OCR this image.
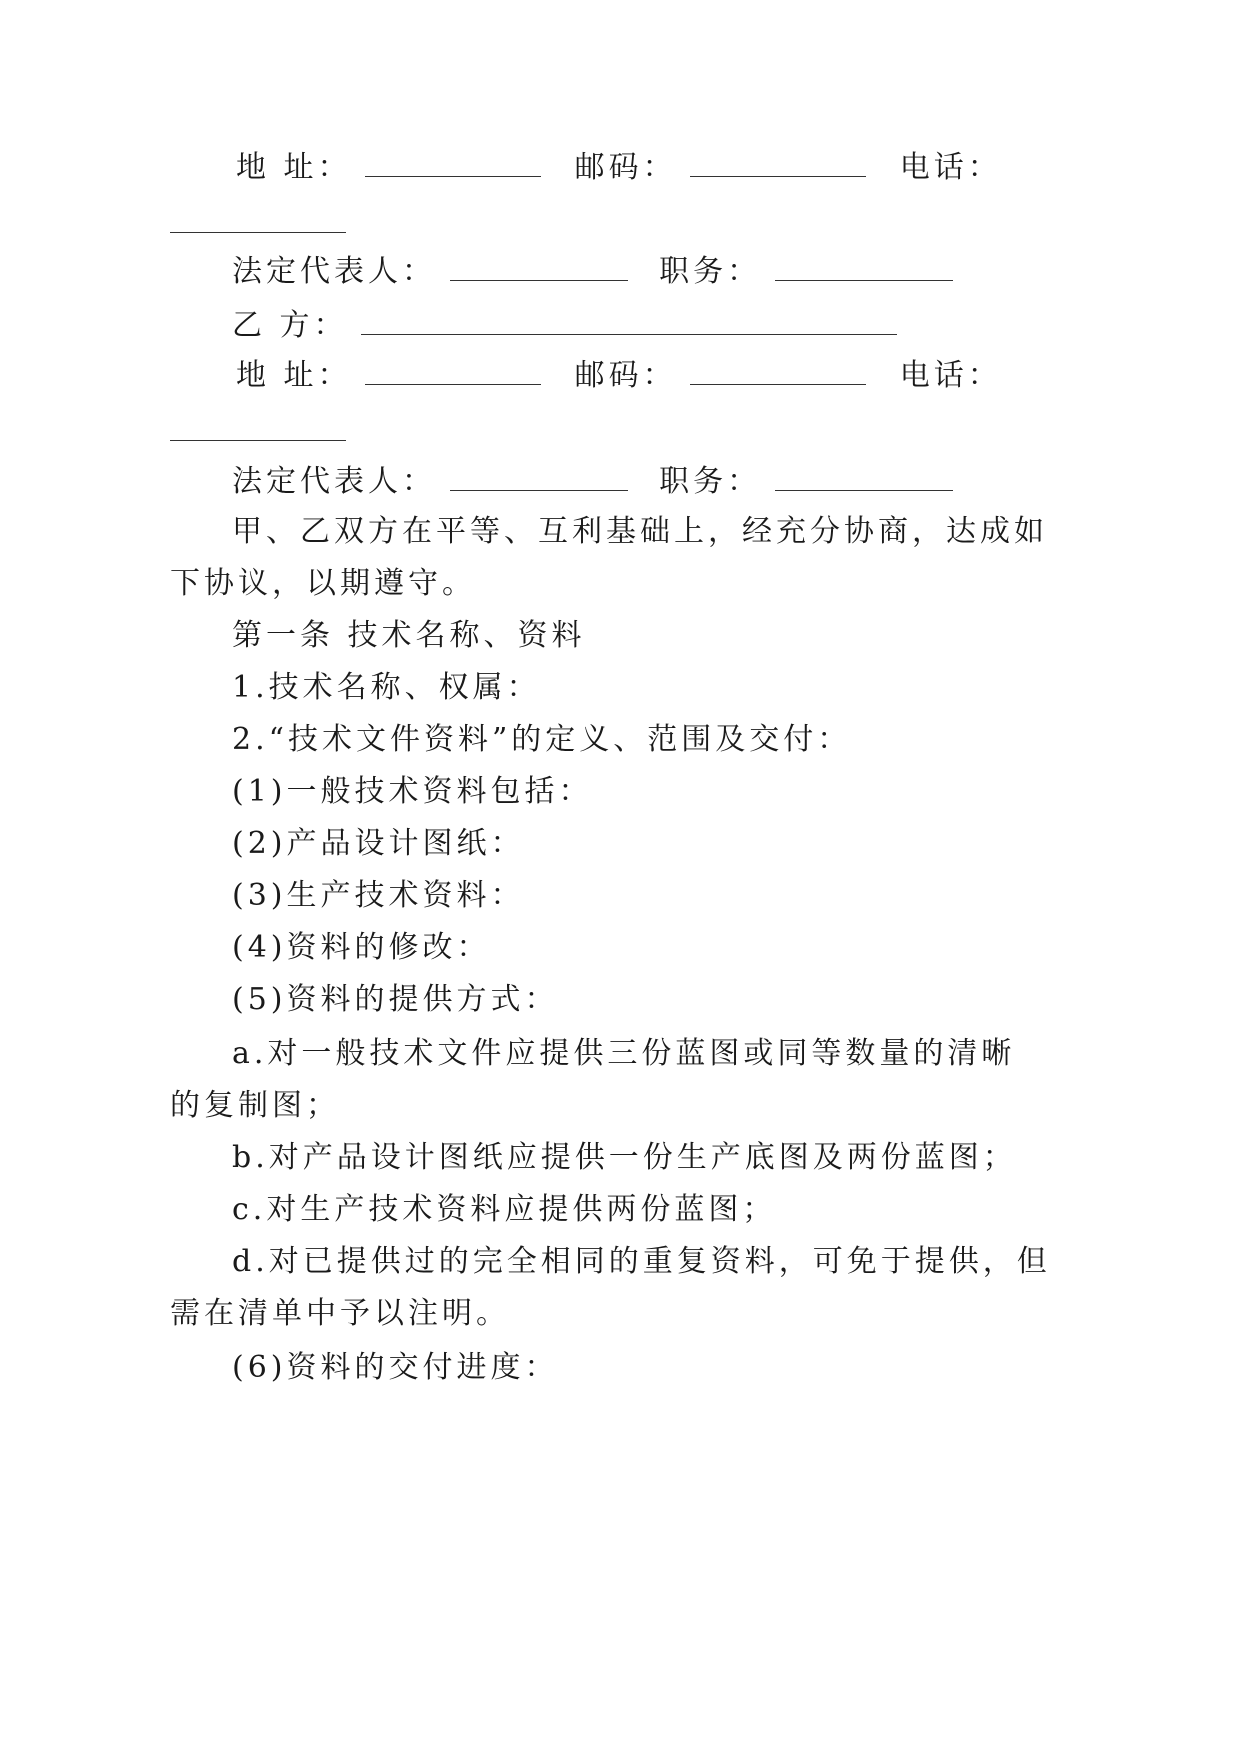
地 址：	邮码：	电话：
法定代表人：	职务：
乙 方：
地 址：	邮码：	电话：
法定代表人：	职务：
甲、乙双方在平等、互利基础上，经充分协商，达成如
下协议，以期遵守。
第一条 技术名称、资料
1.技术名称、权属：
2.“技术文件资料”的定义、范围及交付：
(1)一般技术资料包括：
(2)产品设计图纸：
(3)生产技术资料：
(4)资料的修改：
(5)资料的提供方式：
a.对一般技术文件应提供三份蓝图或同等数量的清晰
的复制图；
b.对产品设计图纸应提供一份生产底图及两份蓝图；
c.对生产技术资料应提供两份蓝图；
d.对已提供过的完全相同的重复资料，可免于提供，但
需在清单中予以注明。
(6)资料的交付进度：
